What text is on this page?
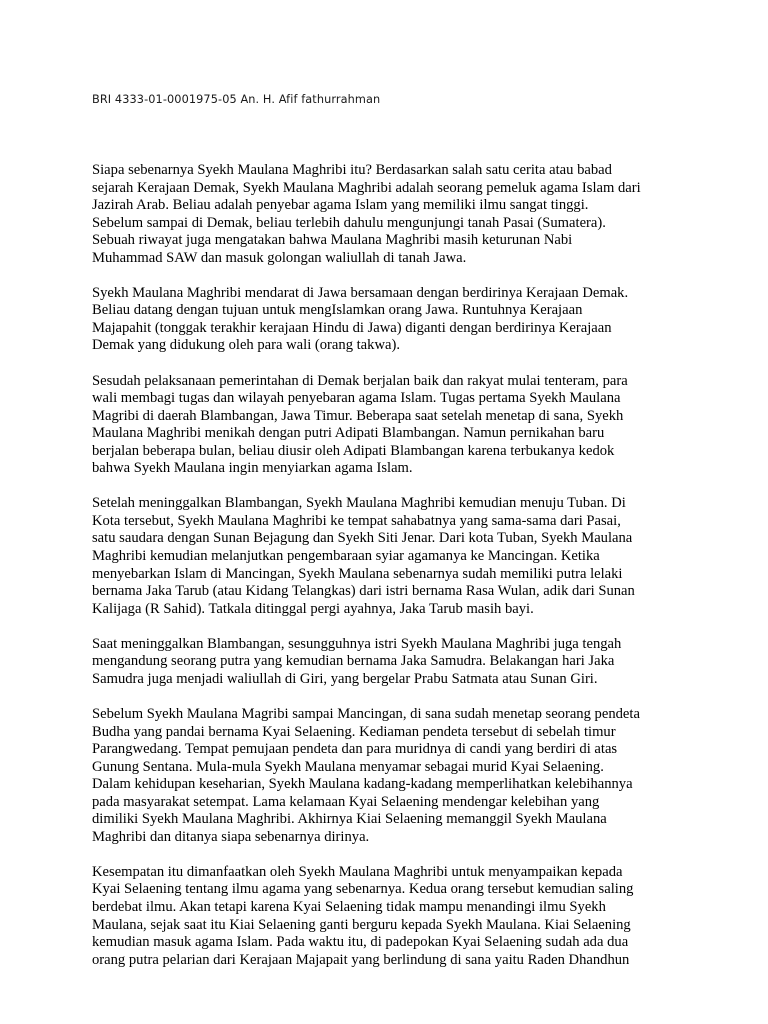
BRI 4333-01-0001975-05 An. H. Afif fathurrahman

Siapa sebenarnya Syekh Maulana Maghribi itu? Berdasarkan salah satu cerita atau babad
sejarah Kerajaan Demak, Syekh Maulana Maghribi adalah seorang pemeluk agama Islam dari
Jazirah Arab. Beliau adalah penyebar agama Islam yang memiliki ilmu sangat tinggi.
Sebelum sampai di Demak, beliau terlebih dahulu mengunjungi tanah Pasai (Sumatera).
Sebuah riwayat juga mengatakan bahwa Maulana Maghribi masih keturunan Nabi
Muhammad SAW dan masuk golongan waliullah di tanah Jawa.

Syekh Maulana Maghribi mendarat di Jawa bersamaan dengan berdirinya Kerajaan Demak.
Beliau datang dengan tujuan untuk mengIslamkan orang Jawa. Runtuhnya Kerajaan
Majapahit (tonggak terakhir kerajaan Hindu di Jawa) diganti dengan berdirinya Kerajaan
Demak yang didukung oleh para wali (orang takwa).

Sesudah pelaksanaan pemerintahan di Demak berjalan baik dan rakyat mulai tenteram, para
wali membagi tugas dan wilayah penyebaran agama Islam. Tugas pertama Syekh Maulana
Magribi di daerah Blambangan, Jawa Timur. Beberapa saat setelah menetap di sana, Syekh
Maulana Maghribi menikah dengan putri Adipati Blambangan. Namun pernikahan baru
berjalan beberapa bulan, beliau diusir oleh Adipati Blambangan karena terbukanya kedok
bahwa Syekh Maulana ingin menyiarkan agama Islam.

Setelah meninggalkan Blambangan, Syekh Maulana Maghribi kemudian menuju Tuban. Di
Kota tersebut, Syekh Maulana Maghribi ke tempat sahabatnya yang sama-sama dari Pasai,
satu saudara dengan Sunan Bejagung dan Syekh Siti Jenar. Dari kota Tuban, Syekh Maulana
Maghribi kemudian melanjutkan pengembaraan syiar agamanya ke Mancingan. Ketika
menyebarkan Islam di Mancingan, Syekh Maulana sebenarnya sudah memiliki putra lelaki
bernama Jaka Tarub (atau Kidang Telangkas) dari istri bernama Rasa Wulan, adik dari Sunan
Kalijaga (R Sahid). Tatkala ditinggal pergi ayahnya, Jaka Tarub masih bayi.

Saat meninggalkan Blambangan, sesungguhnya istri Syekh Maulana Maghribi juga tengah
mengandung seorang putra yang kemudian bernama Jaka Samudra. Belakangan hari Jaka
Samudra juga menjadi waliullah di Giri, yang bergelar Prabu Satmata atau Sunan Giri.

Sebelum Syekh Maulana Magribi sampai Mancingan, di sana sudah menetap seorang pendeta
Budha yang pandai bernama Kyai Selaening. Kediaman pendeta tersebut di sebelah timur
Parangwedang. Tempat pemujaan pendeta dan para muridnya di candi yang berdiri di atas
Gunung Sentana. Mula-mula Syekh Maulana menyamar sebagai murid Kyai Selaening.
Dalam kehidupan keseharian, Syekh Maulana kadang-kadang memperlihatkan kelebihannya
pada masyarakat setempat. Lama kelamaan Kyai Selaening mendengar kelebihan yang
dimiliki Syekh Maulana Maghribi. Akhirnya Kiai Selaening memanggil Syekh Maulana
Maghribi dan ditanya siapa sebenarnya dirinya.

Kesempatan itu dimanfaatkan oleh Syekh Maulana Maghribi untuk menyampaikan kepada
Kyai Selaening tentang ilmu agama yang sebenarnya. Kedua orang tersebut kemudian saling
berdebat ilmu. Akan tetapi karena Kyai Selaening tidak mampu menandingi ilmu Syekh
Maulana, sejak saat itu Kiai Selaening ganti berguru kepada Syekh Maulana. Kiai Selaening
kemudian masuk agama Islam. Pada waktu itu, di padepokan Kyai Selaening sudah ada dua
orang putra pelarian dari Kerajaan Majapait yang berlindung di sana yaitu Raden Dhandhun
